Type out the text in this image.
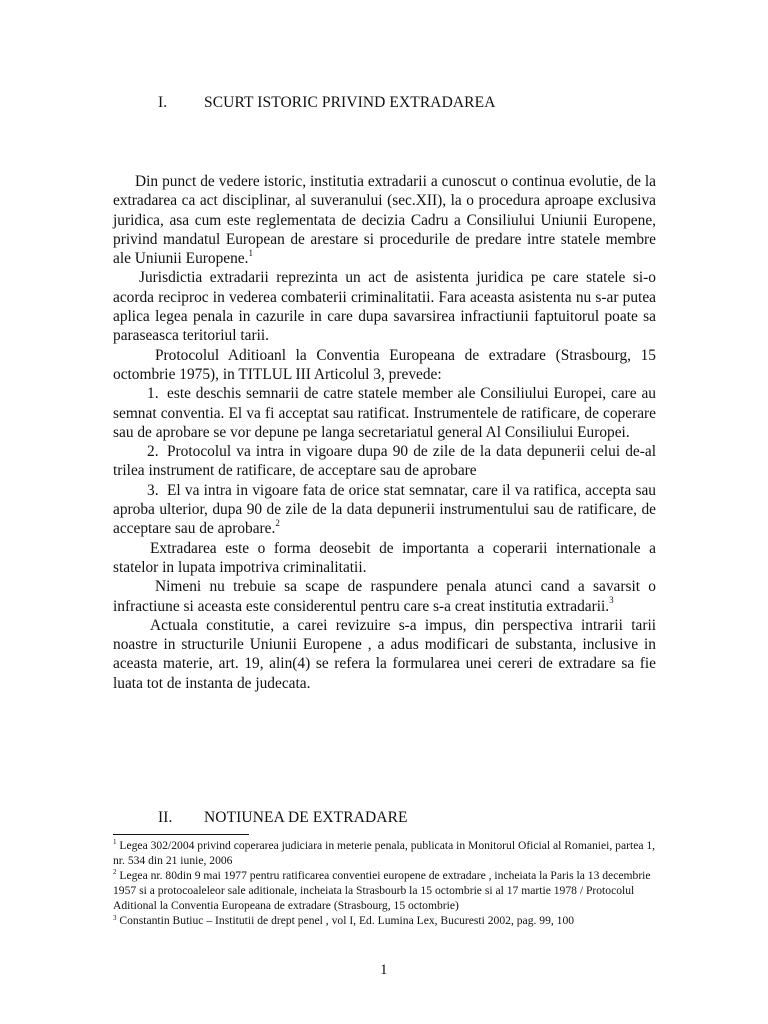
I. SCURT ISTORIC PRIVIND EXTRADAREA

Din punct de vedere istoric, institutia extradarii a cunoscut o continua evolutie, de la extradarea ca act disciplinar, al suveranului (sec.XII), la o procedura aproape exclusiva juridica, asa cum este reglementata de decizia Cadru a Consiliului Uniunii Europene, privind mandatul European de arestare si procedurile de predare intre statele membre ale Uniunii Europene.$^1$

Jurisdictia extradarii reprezinta un act de asistenta juridica pe care statele si-o acorda reciproc in vederea combaterii criminalitatii. Fara aceasta asistenta nu s-ar putea aplica legea penala in cazurile in care dupa savarsirea infractiunii faptuitorul poate sa paraseasca teritoriul tarii.

Protocolul Aditioanl la Conventia Europeana de extradare (Strasbourg, 15 octombrie 1975), in TITLUL III Articolul 3, prevede:

1. este deschis semnarii de catre statele member ale Consiliului Europei, care au semnat conventia. El va fi acceptat sau ratificat. Instrumentele de ratificare, de coperare sau de aprobare se vor depune pe langa secretariatul general Al Consiliului Europei.

2. Protocolul va intra in vigoare dupa 90 de zile de la data depunerii celui de-al trilea instrument de ratificare, de acceptare sau de aprobare

3. El va intra in vigoare fata de orice stat semnatar, care il va ratifica, accepta sau aproba ulterior, dupa 90 de zile de la data depunerii instrumentului sau de ratificare, de acceptare sau de aprobare.$^2$

Extradarea este o forma deosebit de importanta a coperarii internationale a statelor in lupata impotriva criminalitatii.

Nimeni nu trebuie sa scape de raspundere penala atunci cand a savarsit o infractiune si aceasta este considerentul pentru care s-a creat institutia extradarii.$^3$

Actuala constitutie, a carei revizuire s-a impus, din perspectiva intrarii tarii noastre in structurile Uniunii Europene , a adus modificari de substanta, inclusive in aceasta materie, art. 19, alin(4) se refera la formularea unei cereri de extradare sa fie luata tot de instanta de judecata.

II. NOTIUNEA DE EXTRADARE

$^1$ Legea 302/2004 privind coperarea judiciara in meterie penala, publicata in Monitorul Oficial al Romaniei, partea 1, nr. 534 din 21 iunie, 2006

$^2$ Legea nr. 80din 9 mai 1977 pentru ratificarea conventiei europene de extradare , incheiata la Paris la 13 decembrie 1957 si a protocoaleleor sale aditionale, incheiata la Strasbourb la 15 octombrie si al 17 martie 1978 / Protocolul Aditional la Conventia Europeana de extradare (Strasbourg, 15 octombrie)

$^3$ Constantin Butiuc – Institutii de drept penel , vol I, Ed. Lumina Lex, Bucuresti 2002, pag. 99, 100

1
